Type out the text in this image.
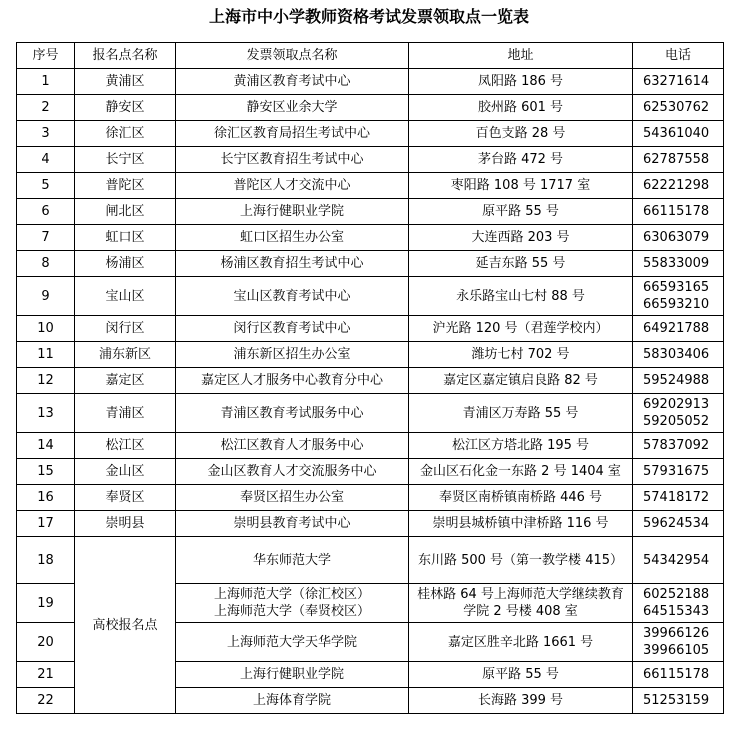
上海市中小学教师资格考试发票领取点一览表
序号	报名点名称	发票领取点名称	地址	电话
1	黄浦区	黄浦区教育考试中心	凤阳路 186 号	63271614

2	静安区	静安区业余大学	胶州路 601 号	62530762

3	徐汇区	徐汇区教育局招生考试中心	百色支路 28 号	54361040

4	长宁区	长宁区教育招生考试中心	茅台路 472 号	62787558

5	普陀区	普陀区人才交流中心	枣阳路 108 号 1717 室	62221298

6	闸北区	上海行健职业学院	原平路 55 号	66115178

7	虹口区	虹口区招生办公室	大连西路 203 号	63063079

8	杨浦区	杨浦区教育招生考试中心	延吉东路 55 号	55833009

9	宝山区	宝山区教育考试中心	永乐路宝山七村 88 号	66593165
66593210

10	闵行区	闵行区教育考试中心	沪光路 120 号（君莲学校内）	64921788

11	浦东新区	浦东新区招生办公室	潍坊七村 702 号	58303406

12	嘉定区	嘉定区人才服务中心教育分中心	嘉定区嘉定镇启良路 82 号	59524988

13	青浦区	青浦区教育考试服务中心	青浦区万寿路 55 号	69202913
59205052

14	松江区	松江区教育人才服务中心	松江区方塔北路 195 号	57837092

15	金山区	金山区教育人才交流服务中心	金山区石化金一东路 2 号 1404 室	57931675

16	奉贤区	奉贤区招生办公室	奉贤区南桥镇南桥路 446 号	57418172

17	崇明县	崇明县教育考试中心	崇明县城桥镇中津桥路 116 号	59624534

18	高校报名点	华东师范大学	东川路 500 号（第一教学楼 415）	54342954

19		上海师范大学（徐汇校区）
上海师范大学（奉贤校区）	桂林路 64 号上海师范大学继续教育
学院 2 号楼 408 室	60252188
64515343

20		上海师范大学天华学院	嘉定区胜辛北路 1661 号	39966126
39966105

21		上海行健职业学院	原平路 55 号	66115178

22		上海体育学院	长海路 399 号	51253159
